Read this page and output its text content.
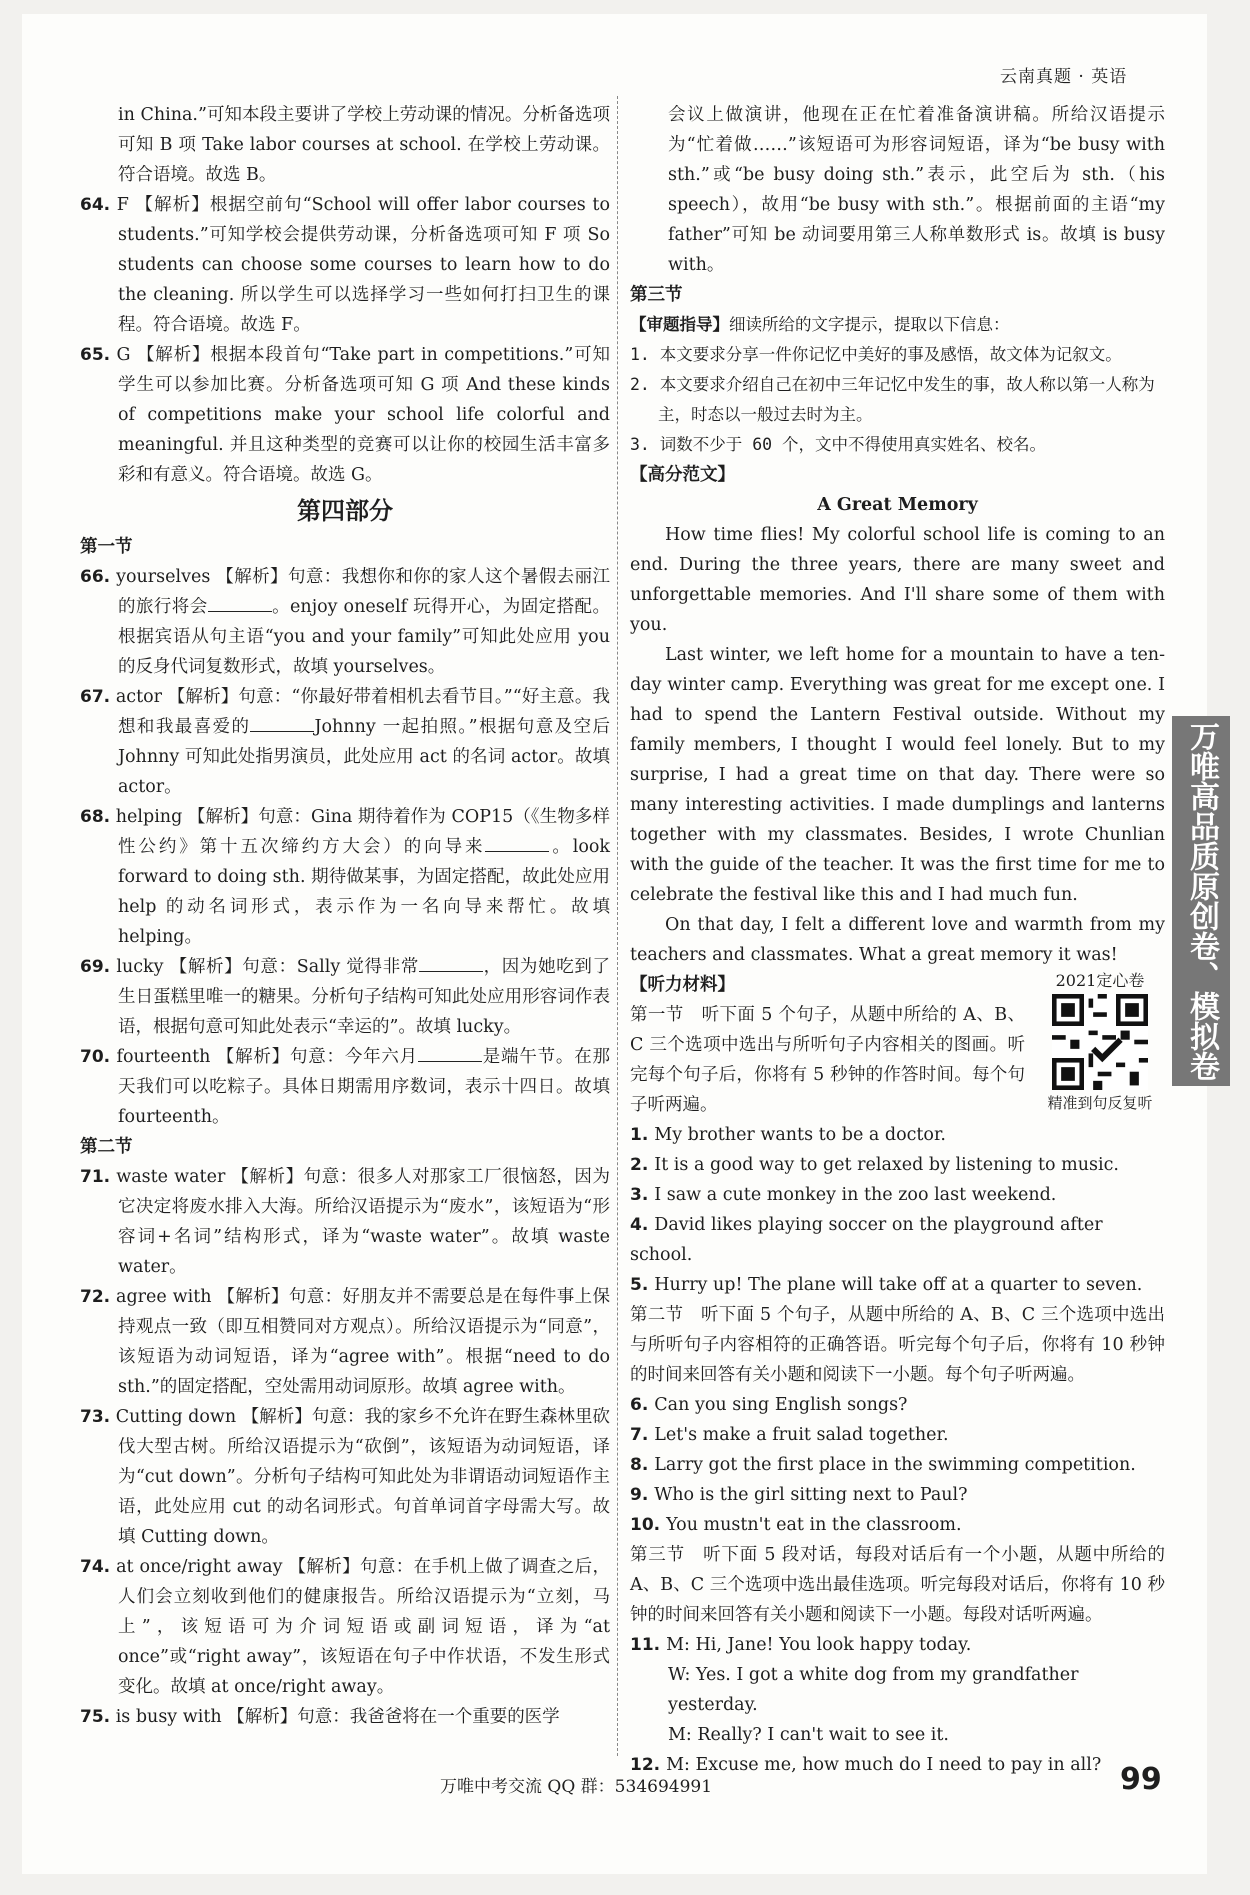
云南真题 · 英语

in China.”可知本段主要讲了学校上劳动课的情况。分析备选项可知 B 项 Take labor courses at school. 在学校上劳动课。符合语境。故选 B。

64. F 【解析】根据空前句“School will offer labor courses to students.”可知学校会提供劳动课，分析备选项可知 F 项 So students can choose some courses to learn how to do the cleaning. 所以学生可以选择学习一些如何打扫卫生的课程。符合语境。故选 F。

65. G 【解析】根据本段首句“Take part in competitions.”可知学生可以参加比赛。分析备选项可知 G 项 And these kinds of competitions make your school life colorful and meaningful. 并且这种类型的竞赛可以让你的校园生活丰富多彩和有意义。符合语境。故选 G。

第四部分

第一节

66. yourselves 【解析】句意：我想你和你的家人这个暑假去丽江的旅行将会	。enjoy oneself 玩得开心，为固定搭配。根据宾语从句主语“you and your family”可知此处应用 you 的反身代词复数形式，故填 yourselves。

67. actor 【解析】句意：“你最好带着相机去看节目。”“好主意。我想和我最喜爱的	Johnny 一起拍照。”根据句意及空后 Johnny 可知此处指男演员，此处应用 act 的名词 actor。故填 actor。

68. helping 【解析】句意：Gina 期待着作为 COP15（《生物多样性公约》第十五次缔约方大会）的向导来	。look forward to doing sth. 期待做某事，为固定搭配，故此处应用 help 的动名词形式，表示作为一名向导来帮忙。故填 helping。

69. lucky 【解析】句意：Sally 觉得非常	，因为她吃到了生日蛋糕里唯一的糖果。分析句子结构可知此处应用形容词作表语，根据句意可知此处表示“幸运的”。故填 lucky。

70. fourteenth 【解析】句意：今年六月	是端午节。在那天我们可以吃粽子。具体日期需用序数词，表示十四日。故填 fourteenth。

第二节

71. waste water 【解析】句意：很多人对那家工厂很恼怒，因为它决定将废水排入大海。所给汉语提示为“废水”，该短语为“形容词+名词”结构形式，译为“waste water”。故填 waste water。

72. agree with 【解析】句意：好朋友并不需要总是在每件事上保持观点一致（即互相赞同对方观点）。所给汉语提示为“同意”，该短语为动词短语，译为“agree with”。根据“need to do sth.”的固定搭配，空处需用动词原形。故填 agree with。

73. Cutting down 【解析】句意：我的家乡不允许在野生森林里砍伐大型古树。所给汉语提示为“砍倒”，该短语为动词短语，译为“cut down”。分析句子结构可知此处为非谓语动词短语作主语，此处应用 cut 的动名词形式。句首单词首字母需大写。故填 Cutting down。

74. at once/right away 【解析】句意：在手机上做了调查之后，人们会立刻收到他们的健康报告。所给汉语提示为“立刻，马上”，该短语可为介词短语或副词短语，译为“at once”或“right away”，该短语在句子中作状语，不发生形式变化。故填 at once/right away。

75. is busy with 【解析】句意：我爸爸将在一个重要的医学

会议上做演讲，他现在正在忙着准备演讲稿。所给汉语提示为“忙着做……”该短语可为形容词短语，译为“be busy with sth.”或“be busy doing sth.”表示，此空后为 sth.（his speech），故用“be busy with sth.”。根据前面的主语“my father”可知 be 动词要用第三人称单数形式 is。故填 is busy with。

第三节

【审题指导】细读所给的文字提示，提取以下信息：

1. 本文要求分享一件你记忆中美好的事及感悟，故文体为记叙文。

2. 本文要求介绍自己在初中三年记忆中发生的事，故人称以第一人称为主，时态以一般过去时为主。

3. 词数不少于 60 个，文中不得使用真实姓名、校名。

【高分范文】

A Great Memory

How time flies! My colorful school life is coming to an end. During the three years, there are many sweet and unforgettable memories. And I'll share some of them with you.

Last winter, we left home for a mountain to have a ten-day winter camp. Everything was great for me except one. I had to spend the Lantern Festival outside. Without my family members, I thought I would feel lonely. But to my surprise, I had a great time on that day. There were so many interesting activities. I made dumplings and lanterns together with my classmates. Besides, I wrote Chunlian with the guide of the teacher. It was the first time for me to celebrate the festival like this and I had much fun.

On that day, I felt a different love and warmth from my teachers and classmates. What a great memory it was!

2021定心卷
精准到句反复听

【听力材料】

第一节　听下面 5 个句子，从题中所给的 A、B、C 三个选项中选出与所听句子内容相关的图画。听完每个句子后，你将有 5 秒钟的作答时间。每个句子听两遍。

1. My brother wants to be a doctor.

2. It is a good way to get relaxed by listening to music.

3. I saw a cute monkey in the zoo last weekend.

4. David likes playing soccer on the playground after school.

5. Hurry up! The plane will take off at a quarter to seven.

第二节　听下面 5 个句子，从题中所给的 A、B、C 三个选项中选出与所听句子内容相符的正确答语。听完每个句子后，你将有 10 秒钟的时间来回答有关小题和阅读下一小题。每个句子听两遍。

6. Can you sing English songs?

7. Let's make a fruit salad together.

8. Larry got the first place in the swimming competition.

9. Who is the girl sitting next to Paul?

10. You mustn't eat in the classroom.

第三节　听下面 5 段对话，每段对话后有一个小题，从题中所给的 A、B、C 三个选项中选出最佳选项。听完每段对话后，你将有 10 秒钟的时间来回答有关小题和阅读下一小题。每段对话听两遍。

11. M: Hi, Jane! You look happy today.

W: Yes. I got a white dog from my grandfather yesterday.

M: Really? I can't wait to see it.

12. M: Excuse me, how much do I need to pay in all?

万唯高品质原创卷、模拟卷
万唯中考交流 QQ 群：534694991	99
